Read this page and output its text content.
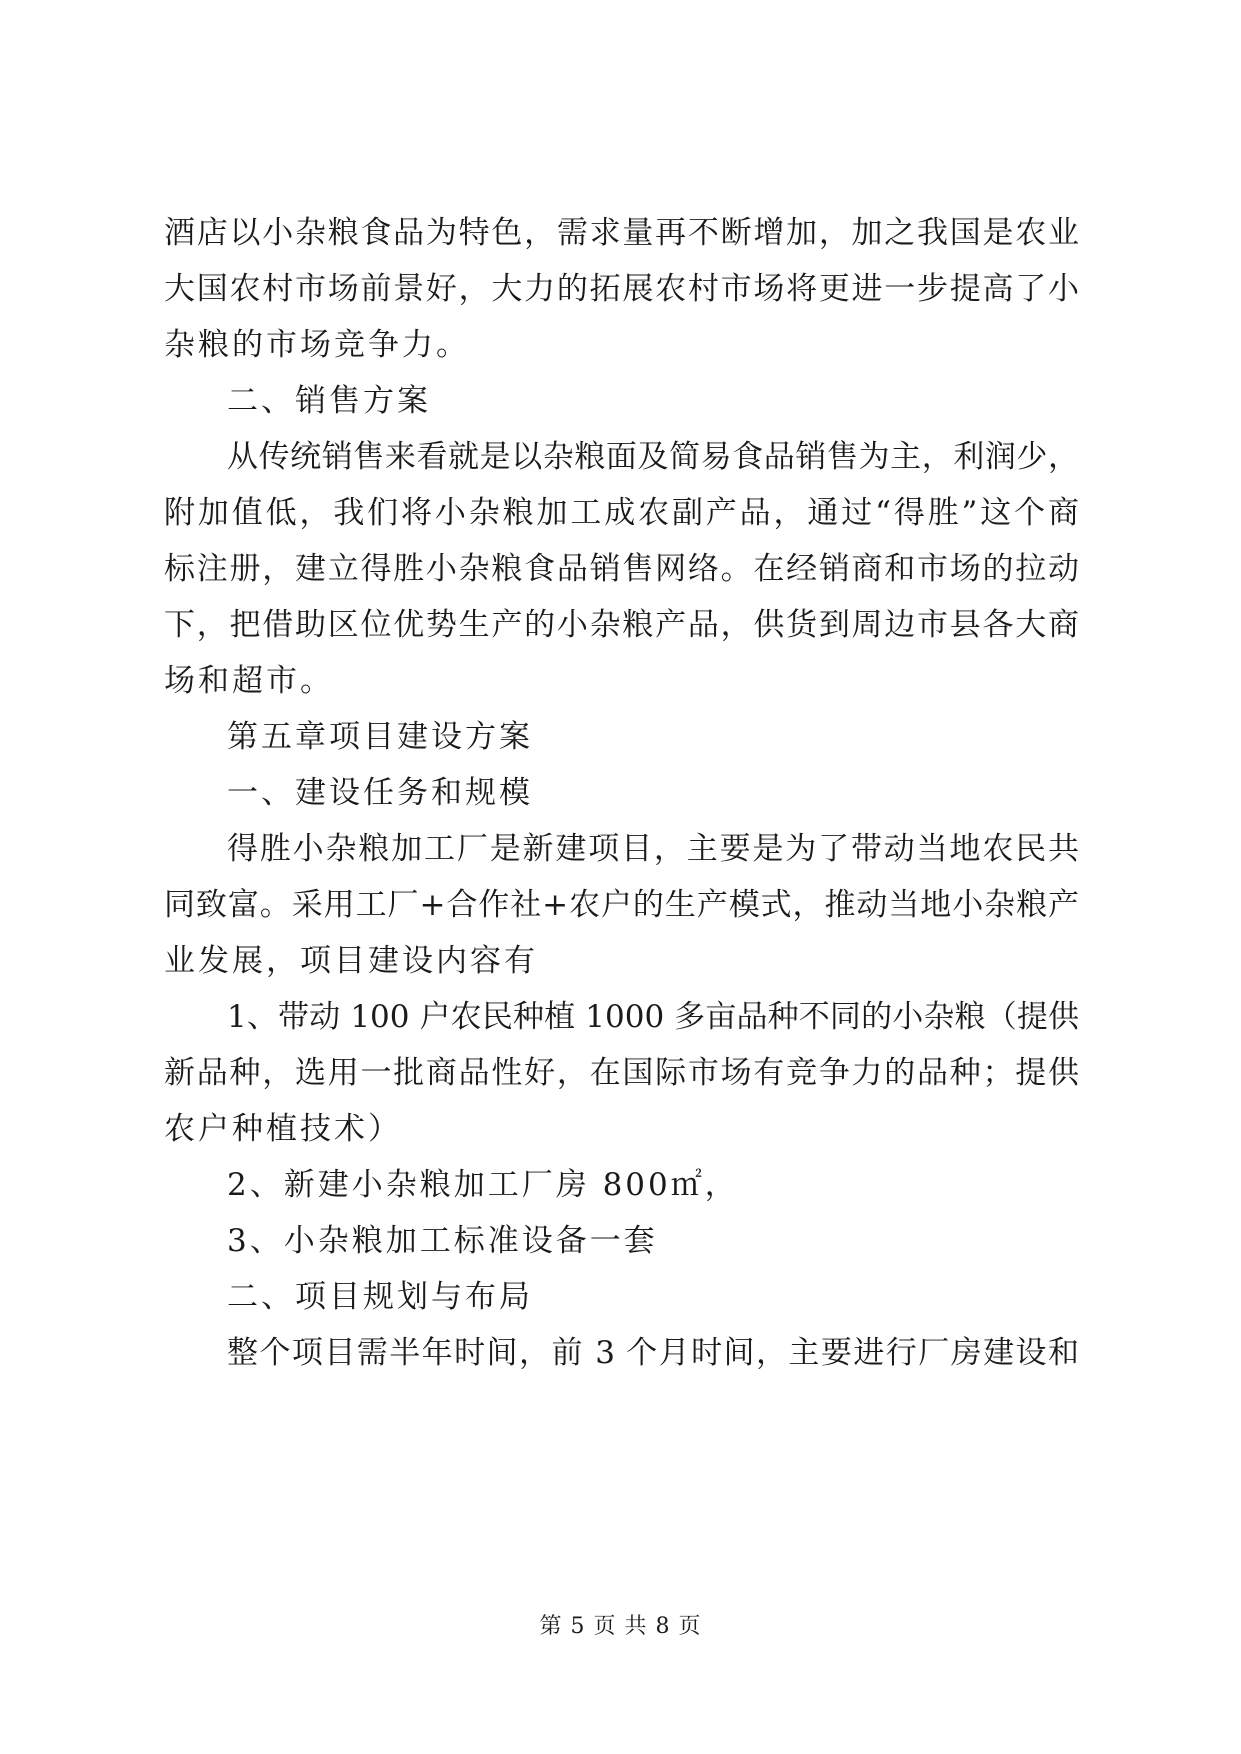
酒店以小杂粮食品为特色，需求量再不断增加，加之我国是农业
大国农村市场前景好，大力的拓展农村市场将更进一步提高了小
杂粮的市场竞争力。
二、销售方案
从传统销售来看就是以杂粮面及简易食品销售为主，利润少，
附加值低，我们将小杂粮加工成农副产品，通过“得胜”这个商
标注册，建立得胜小杂粮食品销售网络。在经销商和市场的拉动
下，把借助区位优势生产的小杂粮产品，供货到周边市县各大商
场和超市。
第五章项目建设方案
一、建设任务和规模
得胜小杂粮加工厂是新建项目，主要是为了带动当地农民共
同致富。采用工厂+合作社+农户的生产模式，推动当地小杂粮产
业发展，项目建设内容有
1、带动 100 户农民种植 1000 多亩品种不同的小杂粮（提供
新品种，选用一批商品性好，在国际市场有竞争力的品种；提供
农户种植技术）
2、新建小杂粮加工厂房 800㎡，
3、小杂粮加工标准设备一套
二、项目规划与布局
整个项目需半年时间，前 3 个月时间，主要进行厂房建设和
第 5 页 共 8 页
